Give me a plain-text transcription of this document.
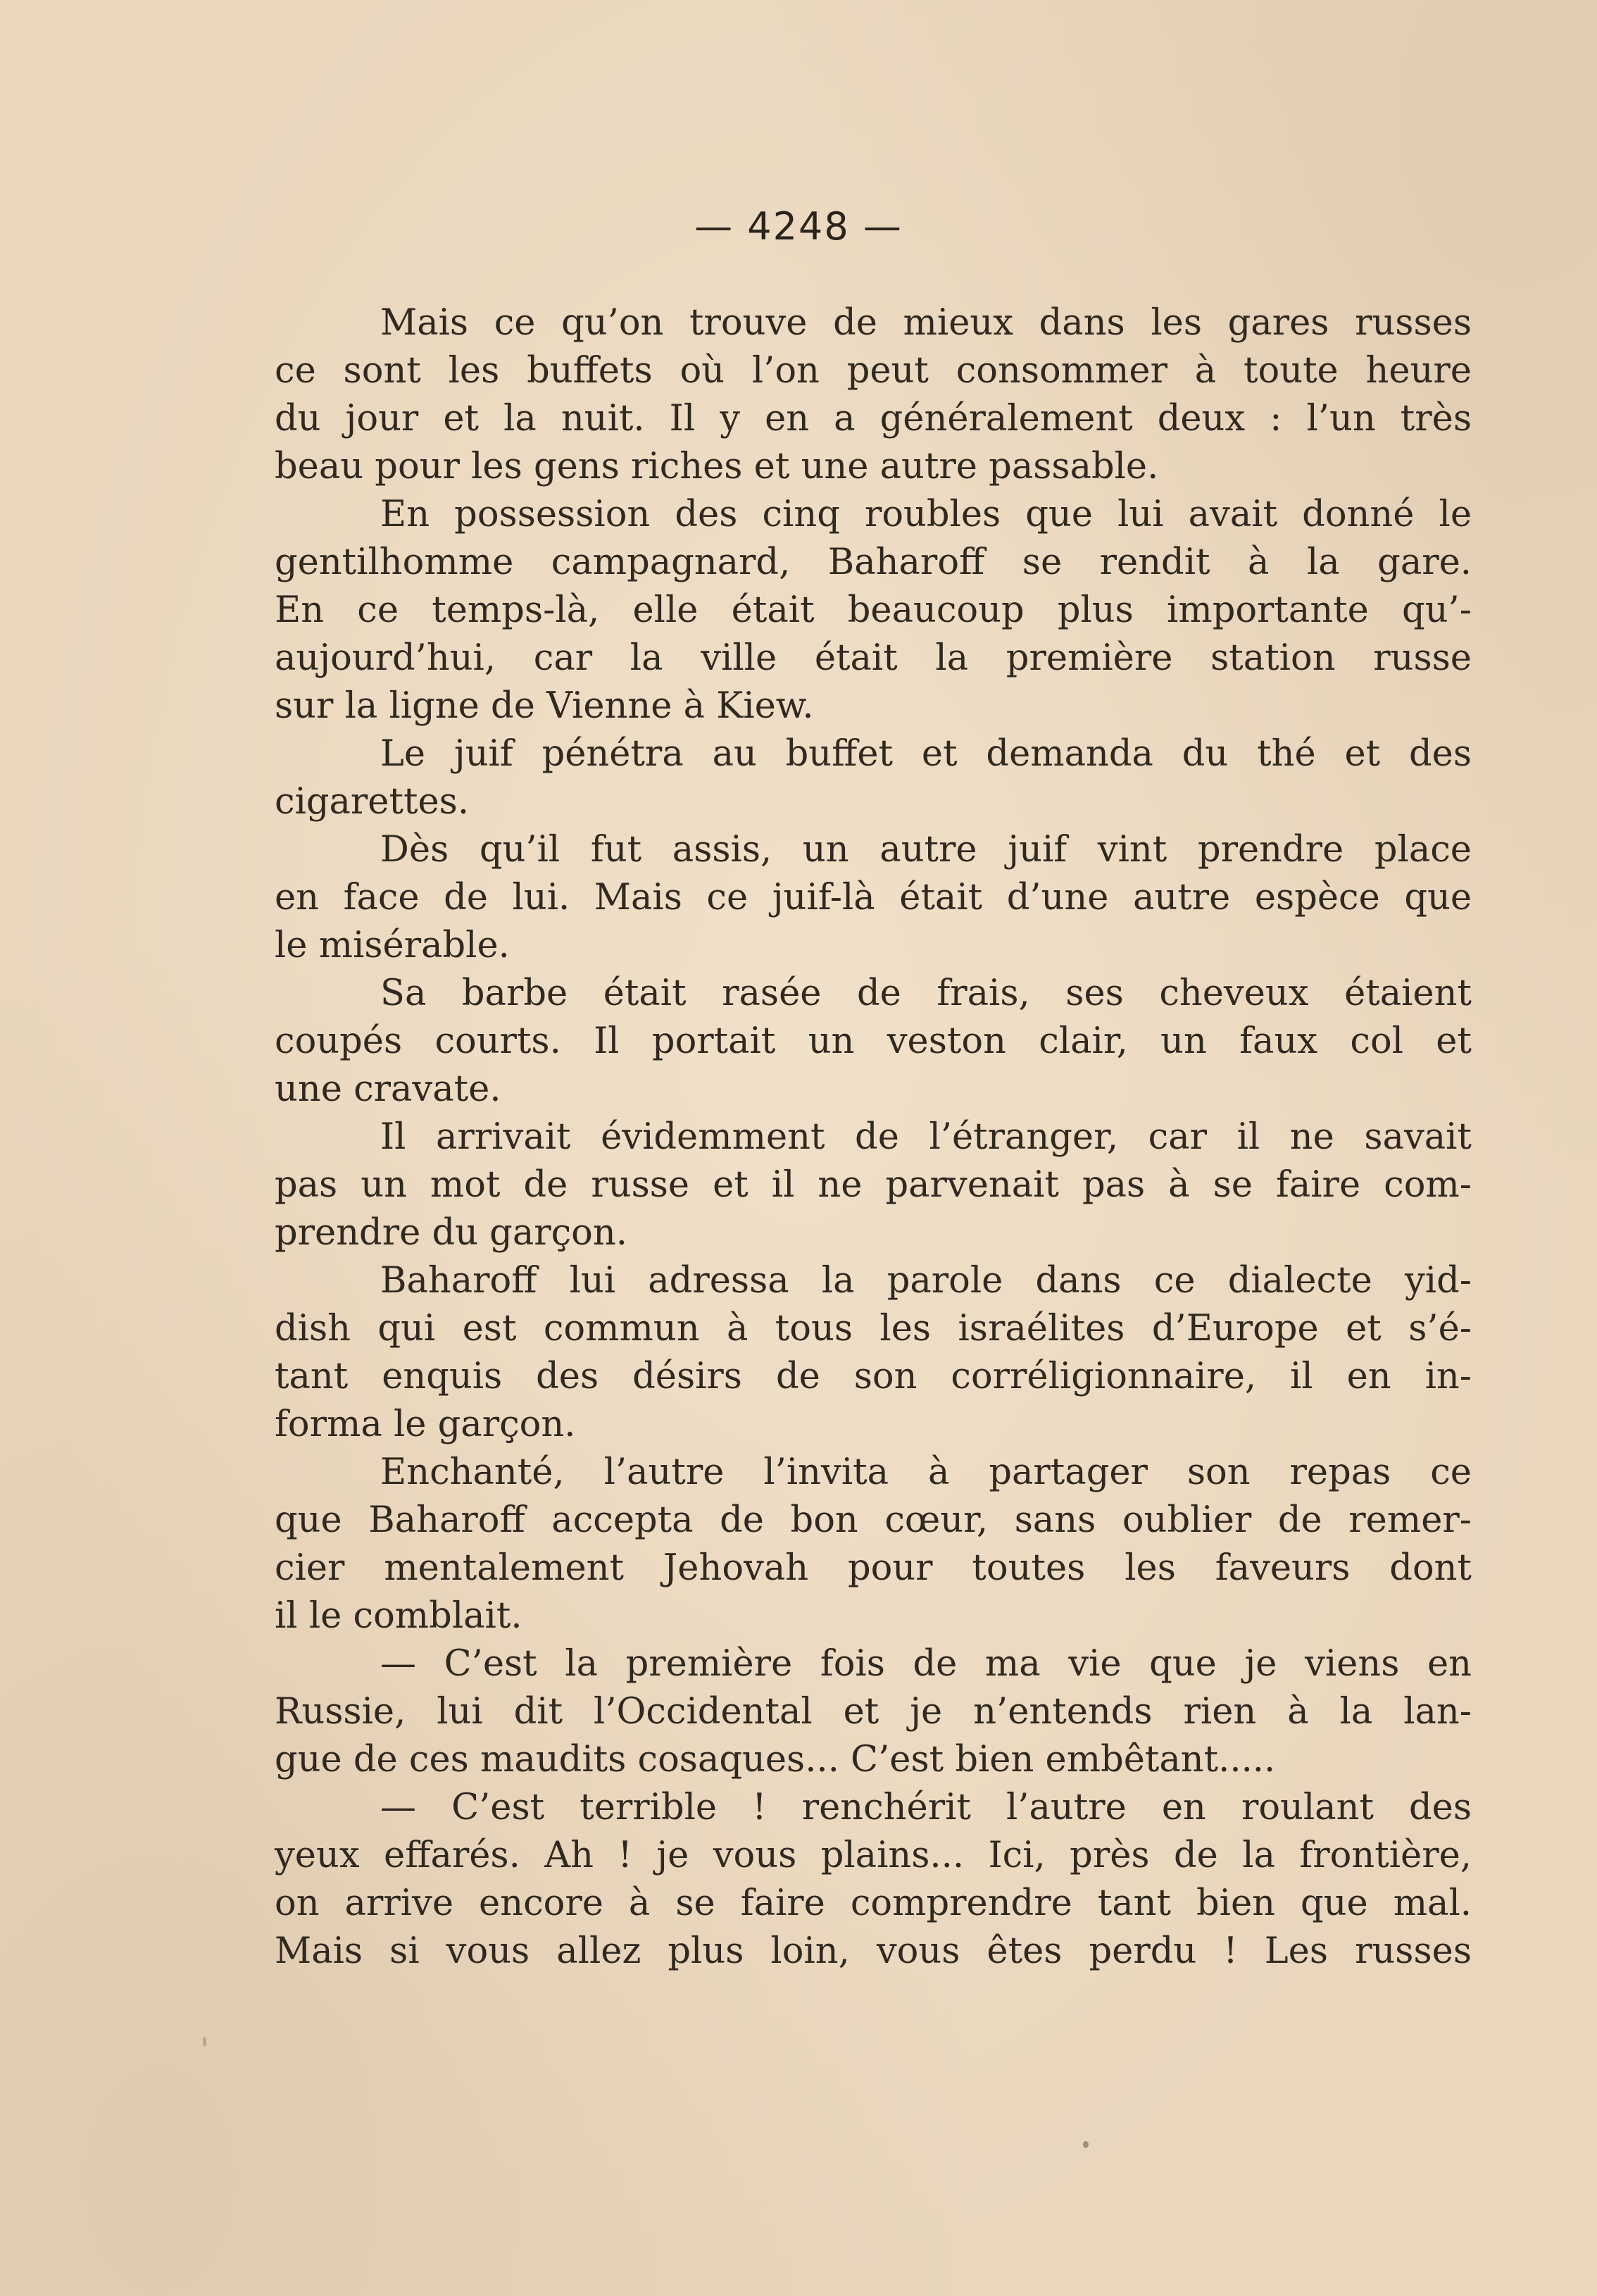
— 4248 —
Mais ce qu’on trouve de mieux dans les gares russes
ce sont les buffets où l’on peut consommer à toute heure
du jour et la nuit. Il y en a généralement deux : l’un très
beau pour les gens riches et une autre passable.
En possession des cinq roubles que lui avait donné le
gentilhomme campagnard, Baharoff se rendit à la gare.
En ce temps-là, elle était beaucoup plus importante qu’-
aujourd’hui, car la ville était la première station russe
sur la ligne de Vienne à Kiew.
Le juif pénétra au buffet et demanda du thé et des
cigarettes.
Dès qu’il fut assis, un autre juif vint prendre place
en face de lui. Mais ce juif-là était d’une autre espèce que
le misérable.
Sa barbe était rasée de frais, ses cheveux étaient
coupés courts. Il portait un veston clair, un faux col et
une cravate.
Il arrivait évidemment de l’étranger, car il ne savait
pas un mot de russe et il ne parvenait pas à se faire com-
prendre du garçon.
Baharoff lui adressa la parole dans ce dialecte yid-
dish qui est commun à tous les israélites d’Europe et s’é-
tant enquis des désirs de son corréligionnaire, il en in-
forma le garçon.
Enchanté, l’autre l’invita à partager son repas ce
que Baharoff accepta de bon cœur, sans oublier de remer-
cier mentalement Jehovah pour toutes les faveurs dont
il le comblait.
— C’est la première fois de ma vie que je viens en
Russie, lui dit l’Occidental et je n’entends rien à la lan-
gue de ces maudits cosaques... C’est bien embêtant.....
— C’est terrible ! renchérit l’autre en roulant des
yeux effarés. Ah ! je vous plains... Ici, près de la frontière,
on arrive encore à se faire comprendre tant bien que mal.
Mais si vous allez plus loin, vous êtes perdu ! Les russes
